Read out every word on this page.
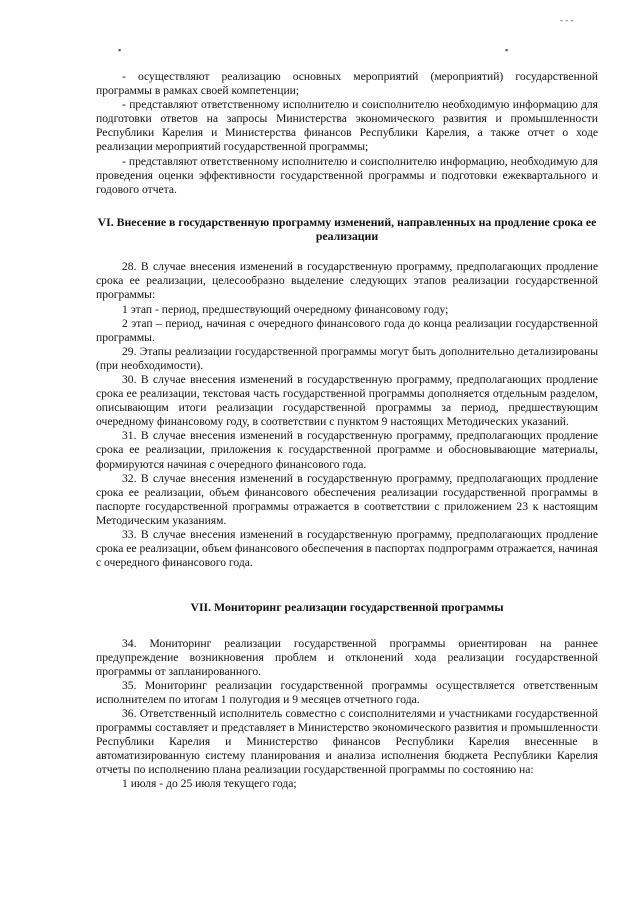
▪	▪
- - -

- осуществляют реализацию основных мероприятий (мероприятий) государственной программы в рамках своей компетенции;

- представляют ответственному исполнителю и соисполнителю необходимую информацию для подготовки ответов на запросы Министерства экономического развития и промышленности Республики Карелия и Министерства финансов Республики Карелия, а также отчет о ходе реализации мероприятий государственной программы;

- представляют ответственному исполнителю и соисполнителю информацию, необходимую для проведения оценки эффективности государственной программы и подготовки ежеквартального и годового отчета.

VI. Внесение в государственную программу изменений, направленных на продление срока ее реализации

28. В случае внесения изменений в государственную программу, предполагающих продление срока ее реализации, целесообразно выделение следующих этапов реализации государственной программы:

1 этап - период, предшествующий очередному финансовому году;

2 этап – период, начиная с очередного финансового года до конца реализации государственной программы.

29. Этапы реализации государственной программы могут быть дополнительно детализированы (при необходимости).

30. В случае внесения изменений в государственную программу, предполагающих продление срока ее реализации, текстовая часть государственной программы дополняется отдельным разделом, описывающим итоги реализации государственной программы за период, предшествующим очередному финансовому году, в соответствии с пунктом 9 настоящих Методических указаний.

31. В случае внесения изменений в государственную программу, предполагающих продление срока ее реализации, приложения к государственной программе и обосновывающие материалы, формируются начиная с очередного финансового года.

32. В случае внесения изменений в государственную программу, предполагающих продление срока ее реализации, объем финансового обеспечения реализации государственной программы в паспорте государственной программы отражается в соответствии с приложением 23 к настоящим Методическим указаниям.

33. В случае внесения изменений в государственную программу, предполагающих продление срока ее реализации, объем финансового обеспечения в паспортах подпрограмм отражается, начиная с очередного финансового года.

VII. Мониторинг реализации государственной программы

34. Мониторинг реализации государственной программы ориентирован на раннее предупреждение возникновения проблем и отклонений хода реализации государственной программы от запланированного.

35. Мониторинг реализации государственной программы осуществляется ответственным исполнителем по итогам 1 полугодия и 9 месяцев отчетного года.

36. Ответственный исполнитель совместно с соисполнителями и участниками государственной программы составляет и представляет в Министерство экономического развития и промышленности Республики Карелия и Министерство финансов Республики Карелия внесенные в автоматизированную систему планирования и анализа исполнения бюджета Республики Карелия отчеты по исполнению плана реализации государственной программы по состоянию на:

1 июля - до 25 июля текущего года;
